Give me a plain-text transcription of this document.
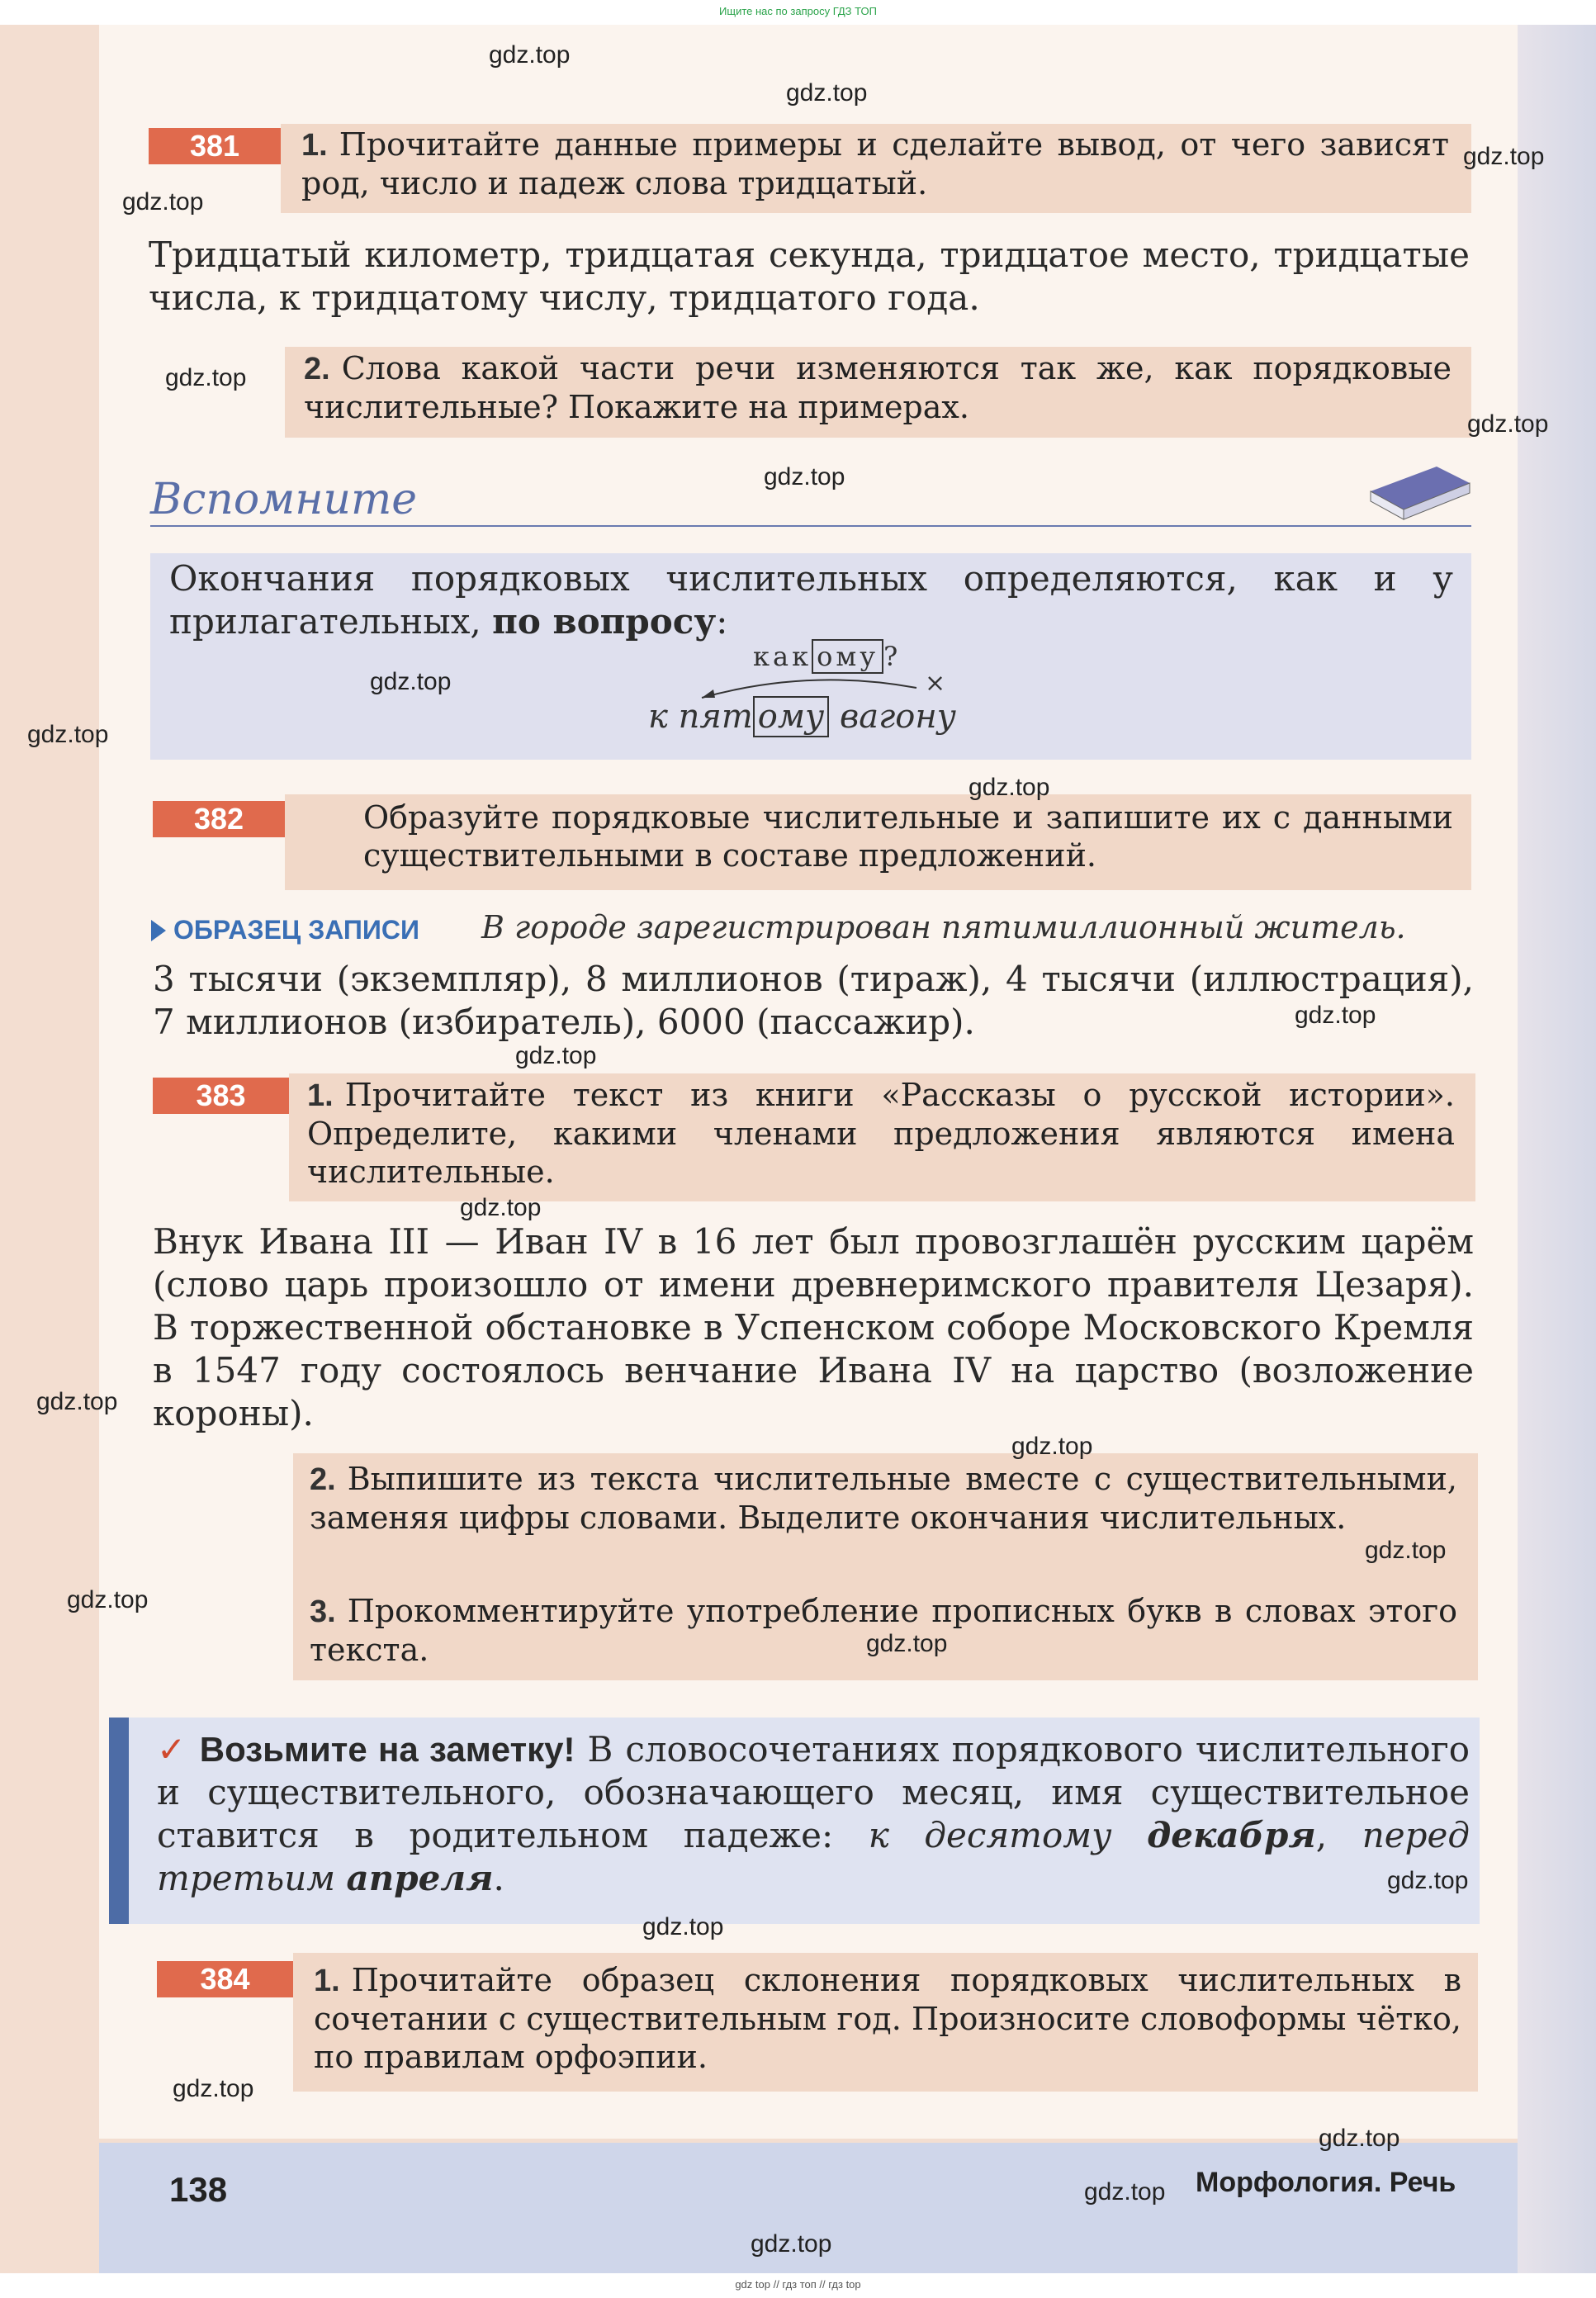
Ищите нас по запросу ГДЗ ТОП
381	1. Прочитайте данные примеры и сделайте вывод, от чего зависят род, число и падеж слова тридцатый.
Тридцатый километр, тридцатая секунда, тридцатое место, тридцатые числа, к тридцатому числу, тридцатого года.
2. Слова какой части речи изменяются так же, как порядковые числительные? Покажите на примерах.
Вспомните
Окончания порядковых числительных определяются, как и у прилагательных, по вопросу:
как ому ?
×
к пят ому вагону
382	Образуйте порядковые числительные и запишите их с данными существительными в составе предложений.
ОБРАЗЕЦ ЗАПИСИ В городе зарегистрирован пятимиллионный житель.
3 тысячи (экземпляр), 8 миллионов (тираж), 4 тысячи (иллюстрация), 7 миллионов (избиратель), 6000 (пассажир).
383	1. Прочитайте текст из книги «Рассказы о русской истории». Определите, какими членами предложения являются имена числительные.
Внук Ивана III — Иван IV в 16 лет был провозглашён русским царём (слово царь произошло от имени древнеримского правителя Цезаря). В торжественной обстановке в Успенском соборе Московского Кремля в 1547 году состоялось венчание Ивана IV на царство (возложение короны).
2. Выпишите из текста числительные вместе с существительными, заменяя цифры словами. Выделите окончания числительных.
3. Прокомментируйте употребление прописных букв в словах этого текста.
✓ Возьмите на заметку! В словосочетаниях порядкового числительного и существительного, обозначающего месяц, имя существительное ставится в родительном падеже: к десятому декабря, перед третьим апреля.
384	1. Прочитайте образец склонения порядковых числительных в сочетании с существительным год. Произносите словоформы чётко, по правилам орфоэпии.
138	Морфология. Речь
gdz.top
gdz.top
gdz.top
gdz.top
gdz.top
gdz.top
gdz.top
gdz.top
gdz.top
gdz.top
gdz.top
gdz.top
gdz.top
gdz.top
gdz.top
gdz.top
gdz.top
gdz.top
gdz.top
gdz.top
gdz.top
gdz.top
gdz.top
gdz.top
gdz top // гдз топ // гдз top
